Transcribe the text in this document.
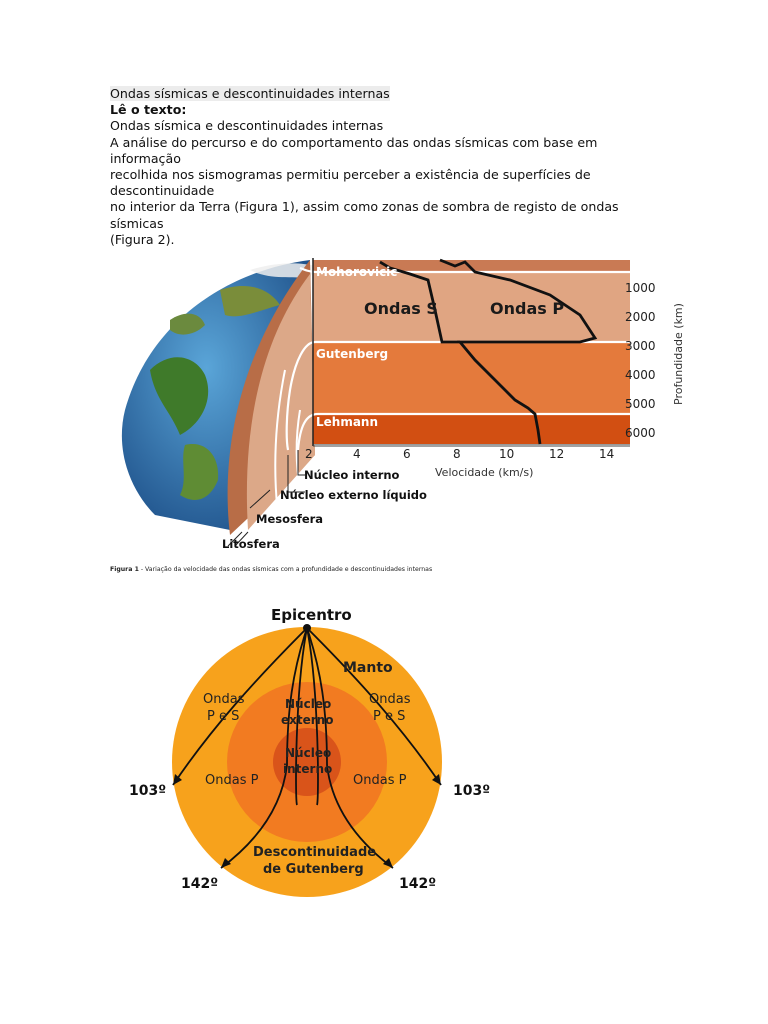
Ondas sísmicas e descontinuidades internas

Lê o texto:

Ondas sísmica e descontinuidades internas

A análise do percurso e do comportamento das ondas sísmicas com base em informação

recolhida nos sismogramas permitiu perceber a existência de superfícies de descontinuidade

no interior da Terra (Figura 1), assim como zonas de sombra de registo de ondas sísmicas

(Figura 2).

Mohorovicic
Gutenberg
Lehmann
Ondas S	Ondas P
2	4	6	8	10	12	14
Velocidade (km/s)
1000
2000
3000
4000
5000
6000
Profundidade (km)
Núcleo interno
Núcleo externo líquido
Mesosfera
Litosfera
Figura 1 - Variação da velocidade das ondas sísmicas com a profundidade e descontinuidades internas
Epicentro
Manto
Ondas
P e S
Ondas
P e S
Núcleo
externo
Núcleo
interno
Ondas P	Ondas P
Descontinuidade
de Gutenberg
103º	103º
142º	142º
